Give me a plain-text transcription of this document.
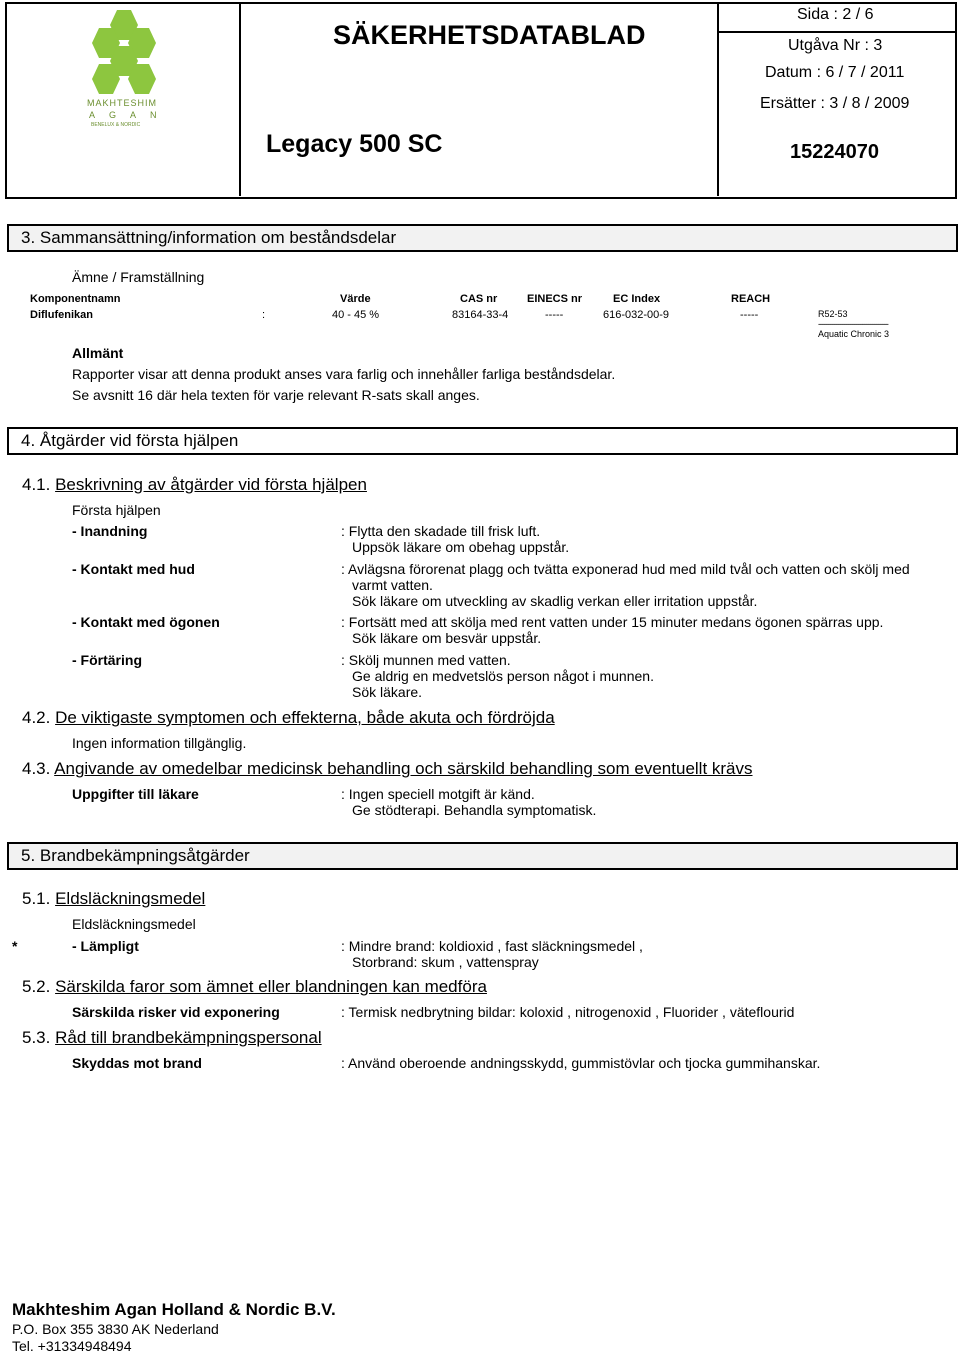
MAKHTESHIM
A G A N
BENELUX & NORDIC
SÄKERHETSDATABLAD
Legacy 500 SC
Sida : 2 / 6
Utgåva Nr : 3
Datum : 6 / 7 / 2011
Ersätter : 3 / 8 / 2009
15224070
3. Sammansättning/information om beståndsdelar
Ämne / Framställning
Komponentnamn	Värde	CAS nr	EINECS nr	EC Index	REACH
Diflufenikan	:	40 - 45 %	83164-33-4	-----	616-032-00-9	-----	R52-53
-----------------------------------
Aquatic Chronic 3
Allmänt
Rapporter visar att denna produkt anses vara farlig och innehåller farliga beståndsdelar.
Se avsnitt 16 där hela texten för varje relevant R-sats skall anges.
4. Åtgärder vid första hjälpen
4.1. Beskrivning av åtgärder vid första hjälpen
Första hjälpen
- Inandning	: Flytta den skadade till frisk luft.
Uppsök läkare om obehag uppstår.
- Kontakt med hud	: Avlägsna förorenat plagg och tvätta exponerad hud med mild tvål och vatten och skölj med
varmt vatten.
Sök läkare om utveckling av skadlig verkan eller irritation uppstår.
- Kontakt med ögonen	: Fortsätt med att skölja med rent vatten under 15 minuter medans ögonen spärras upp.
Sök läkare om besvär uppstår.
- Förtäring	: Skölj munnen med vatten.
Ge aldrig en medvetslös person något i munnen.
Sök läkare.
4.2. De viktigaste symptomen och effekterna, både akuta och fördröjda
Ingen information tillgänglig.
4.3. Angivande av omedelbar medicinsk behandling och särskild behandling som eventuellt krävs
Uppgifter till läkare	: Ingen speciell motgift är känd.
Ge stödterapi. Behandla symptomatisk.
5. Brandbekämpningsåtgärder
5.1. Eldsläckningsmedel
Eldsläckningsmedel
*	- Lämpligt	: Mindre brand: koldioxid , fast släckningsmedel ,
Storbrand: skum , vattenspray
5.2. Särskilda faror som ämnet eller blandningen kan medföra
Särskilda risker vid exponering	: Termisk nedbrytning bildar: koloxid , nitrogenoxid , Fluorider , väteflourid
5.3. Råd till brandbekämpningspersonal
Skyddas mot brand	: Använd oberoende andningsskydd, gummistövlar och tjocka gummihanskar.
Makhteshim Agan Holland & Nordic B.V.
P.O. Box 355 3830 AK Nederland
Tel. +31334948494
